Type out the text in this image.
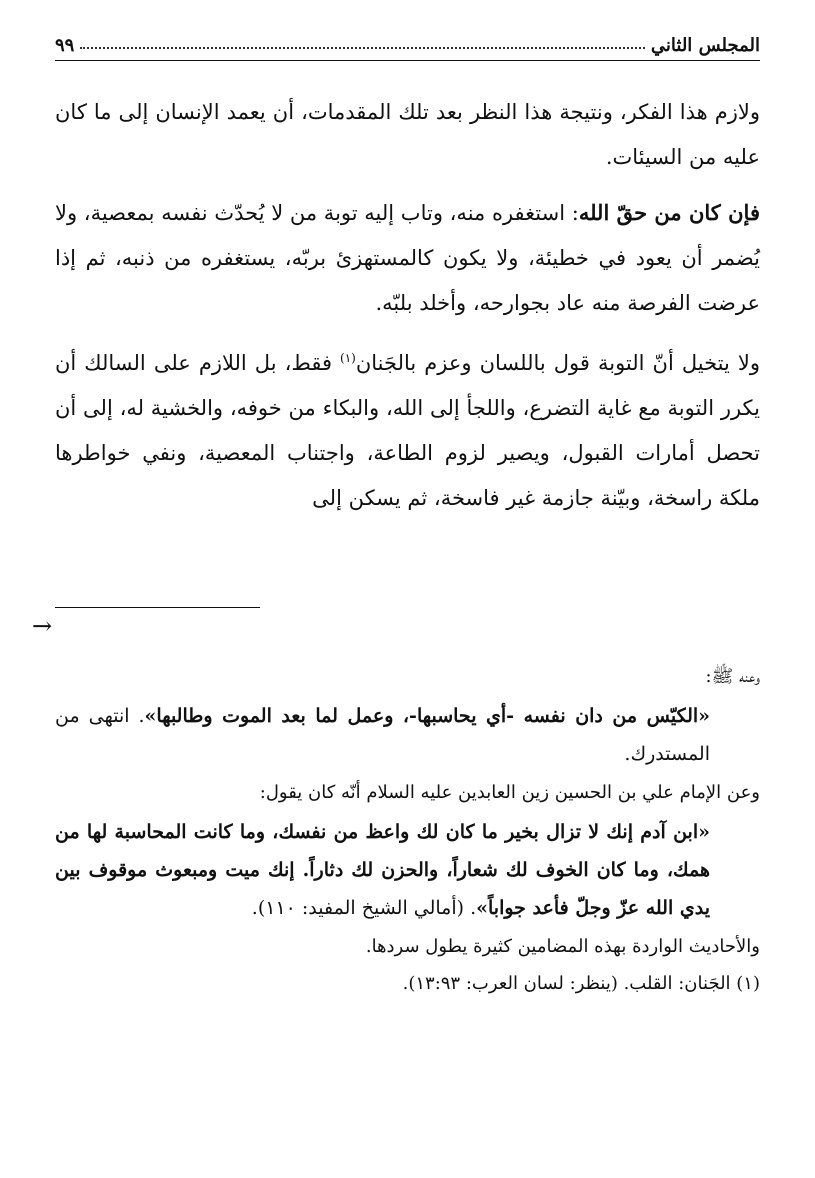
المجلس الثاني
٩٩

ولازم هذا الفكر، ونتيجة هذا النظر بعد تلك المقدمات، أن يعمد الإنسان إلى ما كان عليه من السيئات.

فإن كان من حقّ الله: استغفره منه، وتاب إليه توبة من لا يُحدّث نفسه بمعصية، ولا يُضمر أن يعود في خطيئة، ولا يكون كالمستهزئ بربّه، يستغفره من ذنبه، ثم إذا عرضت الفرصة منه عاد بجوارحه، وأخلد بلبّه.

ولا يتخيل أنّ التوبة قول باللسان وعزم بالجَنان$^{(١)}$ فقط، بل اللازم على السالك أن يكرر التوبة مع غاية التضرع، واللجأ إلى الله، والبكاء من خوفه، والخشية له، إلى أن تحصل أمارات القبول، ويصير لزوم الطاعة، واجتناب المعصية، ونفي خواطرها ملكة راسخة، وبيّنة جازمة غير فاسخة، ثم يسكن إلى

→

وعنه ﷺ:

«الكيّس من دان نفسه -أي يحاسبها-، وعمل لما بعد الموت وطالبها». انتهى من المستدرك.

وعن الإمام علي بن الحسين زين العابدين عليه السلام أنّه كان يقول:

«ابن آدم إنك لا تزال بخير ما كان لك واعظ من نفسك، وما كانت المحاسبة لها من همك، وما كان الخوف لك شعاراً، والحزن لك دثاراً. إنك ميت ومبعوث موقوف بين يدي الله عزّ وجلّ فأعد جواباً». (أمالي الشيخ المفيد: ١١٠).

والأحاديث الواردة بهذه المضامين كثيرة يطول سردها.

(١) الجَنان: القلب. (ينظر: لسان العرب: ١٣:٩٣).
